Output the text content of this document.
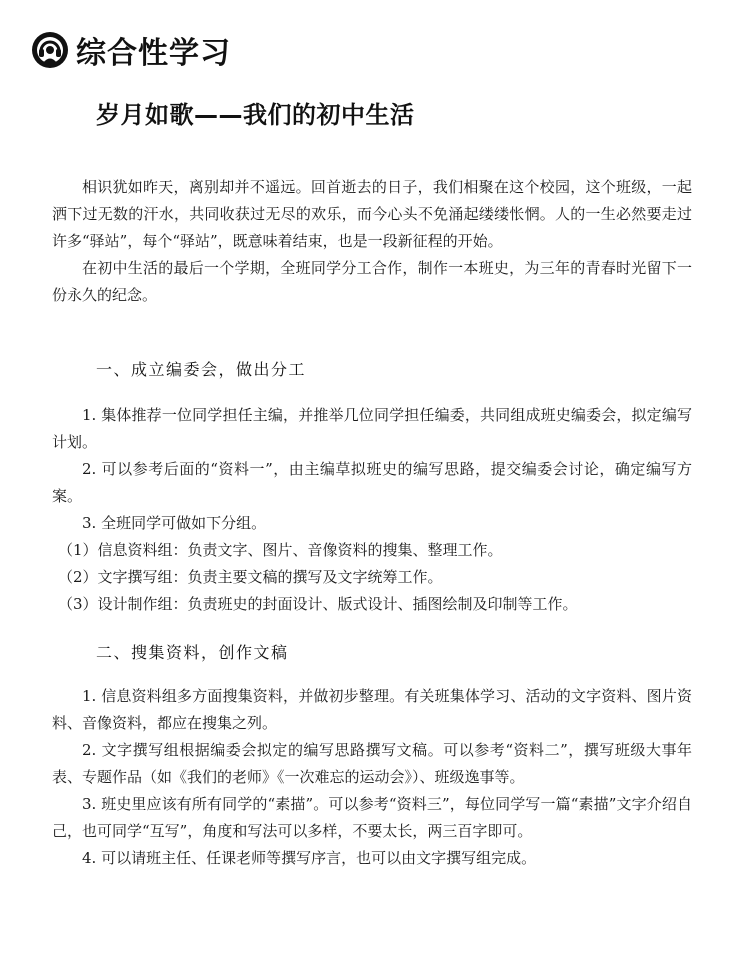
综合性学习
岁月如歌——我们的初中生活

相识犹如昨天，离别却并不遥远。回首逝去的日子，我们相聚在这个校园，这个班级，一起洒下过无数的汗水，共同收获过无尽的欢乐，而今心头不免涌起缕缕怅惘。人的一生必然要走过许多“驿站”，每个“驿站”，既意味着结束，也是一段新征程的开始。

在初中生活的最后一个学期，全班同学分工合作，制作一本班史，为三年的青春时光留下一份永久的纪念。

一、成立编委会，做出分工

1. 集体推荐一位同学担任主编，并推举几位同学担任编委，共同组成班史编委会，拟定编写计划。

2. 可以参考后面的“资料一”，由主编草拟班史的编写思路，提交编委会讨论，确定编写方案。

3. 全班同学可做如下分组。

（1）信息资料组：负责文字、图片、音像资料的搜集、整理工作。

（2）文字撰写组：负责主要文稿的撰写及文字统筹工作。

（3）设计制作组：负责班史的封面设计、版式设计、插图绘制及印制等工作。

二、搜集资料，创作文稿

1. 信息资料组多方面搜集资料，并做初步整理。有关班集体学习、活动的文字资料、图片资料、音像资料，都应在搜集之列。

2. 文字撰写组根据编委会拟定的编写思路撰写文稿。可以参考“资料二”，撰写班级大事年表、专题作品（如《我们的老师》《一次难忘的运动会》）、班级逸事等。

3. 班史里应该有所有同学的“素描”。可以参考“资料三”，每位同学写一篇“素描”文字介绍自己，也可同学“互写”，角度和写法可以多样，不要太长，两三百字即可。

4. 可以请班主任、任课老师等撰写序言，也可以由文字撰写组完成。
